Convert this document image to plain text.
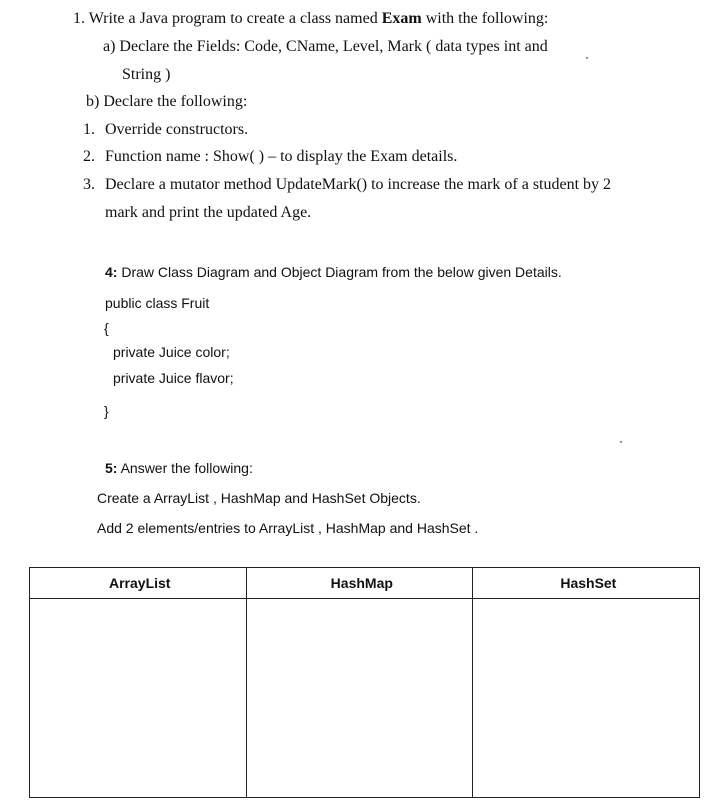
1. Write a Java program to create a class named Exam with the following:
a) Declare the Fields: Code, CName, Level, Mark ( data types int and
String )
b) Declare the following:
1. Override constructors.
2. Function name : Show( ) – to display the Exam details.
3. Declare a mutator method UpdateMark() to increase the mark of a student by 2
mark and print the updated Age.
4: Draw Class Diagram and Object Diagram from the below given Details.
public class Fruit
{
private Juice color;
private Juice flavor;
}
5: Answer the following:
Create a ArrayList , HashMap and HashSet Objects.
Add 2 elements/entries to ArrayList , HashMap and HashSet .
ArrayList	HashMap	HashSet
